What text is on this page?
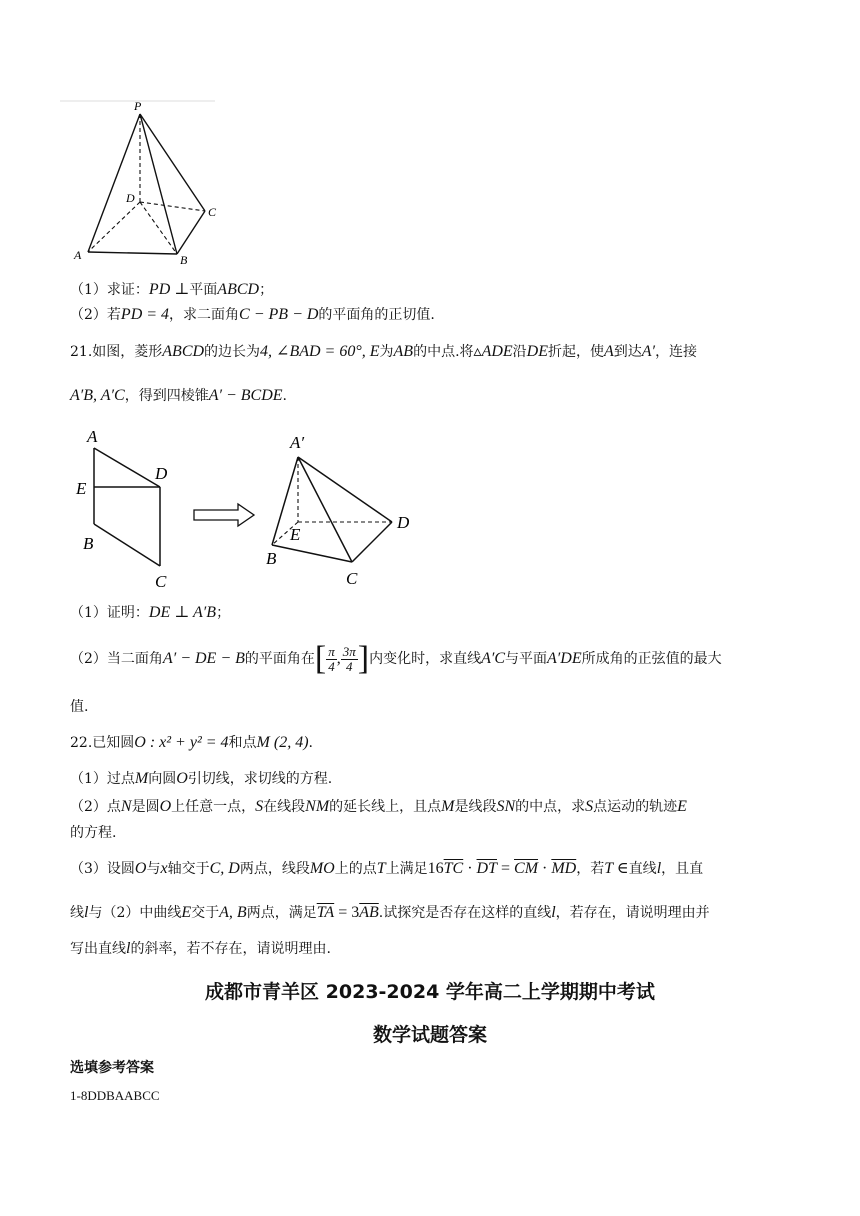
P
D
C
A	B
（1）求证：PD ⊥平面ABCD；
（2）若PD = 4，求二面角C − PB − D的平面角的正切值.
21.如图，菱形ABCD的边长为4, ∠BAD = 60°, E为AB的中点.将▵ADE沿DE折起，使A到达A′，连接
A′B, A′C，得到四棱锥A′ − BCDE.
A
D
E
B
C
A′
E
D
B
C
（1）证明：DE ⊥ A′B；
（2）当二面角A′ − DE − B的平面角在[ $\frac{\pi}{4}$ , $\frac{3\pi}{4}$ ]内变化时，求直线A′C与平面A′DE所成角的正弦值的最大
值.
22.已知圆O : x² + y² = 4和点M (2, 4).
（1）过点M向圆O引切线，求切线的方程.
（2）点N是圆O上任意一点，S在线段NM的延长线上，且点M是线段SN的中点，求S点运动的轨迹E
的方程.
（3）设圆O与x轴交于C, D两点，线段MO上的点T上满足$16\overline{TC} \cdot \overline{DT} = \overline{CM} \cdot \overline{MD}$，若T ∈直线l，且直
线l与（2）中曲线E交于A, B两点，满足$\overline{TA} = 3\overline{AB}$.试探究是否存在这样的直线l，若存在，请说明理由并
写出直线l的斜率，若不存在，请说明理由.
成都市青羊区 2023-2024 学年高二上学期期中考试
数学试题答案
选填参考答案
1-8DDBAABCC
